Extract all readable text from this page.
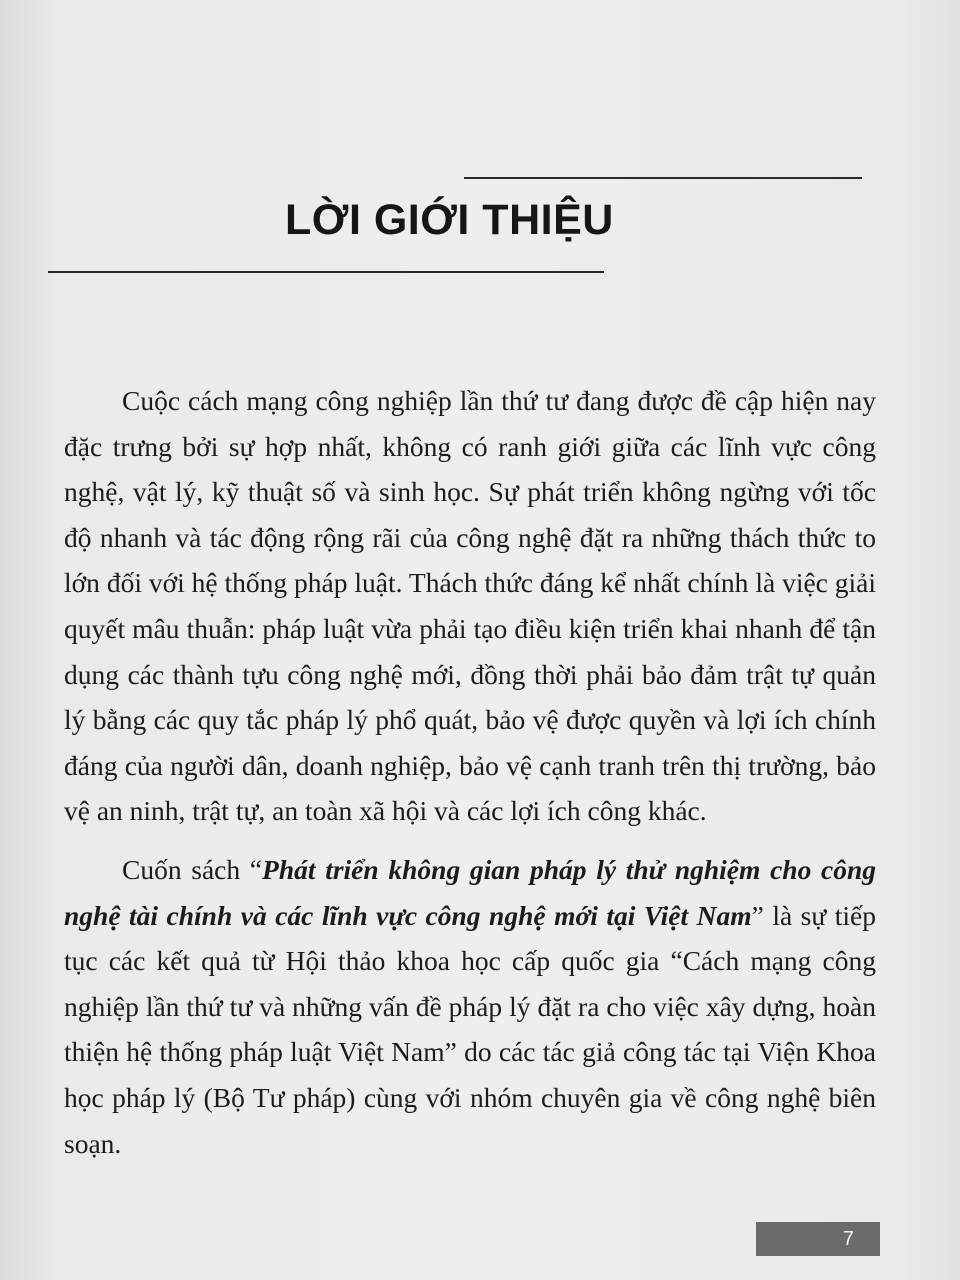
LỜI GIỚI THIỆU

Cuộc cách mạng công nghiệp lần thứ tư đang được đề cập hiện nay đặc trưng bởi sự hợp nhất, không có ranh giới giữa các lĩnh vực công nghệ, vật lý, kỹ thuật số và sinh học. Sự phát triển không ngừng với tốc độ nhanh và tác động rộng rãi của công nghệ đặt ra những thách thức to lớn đối với hệ thống pháp luật. Thách thức đáng kể nhất chính là việc giải quyết mâu thuẫn: pháp luật vừa phải tạo điều kiện triển khai nhanh để tận dụng các thành tựu công nghệ mới, đồng thời phải bảo đảm trật tự quản lý bằng các quy tắc pháp lý phổ quát, bảo vệ được quyền và lợi ích chính đáng của người dân, doanh nghiệp, bảo vệ cạnh tranh trên thị trường, bảo vệ an ninh, trật tự, an toàn xã hội và các lợi ích công khác.

Cuốn sách “Phát triển không gian pháp lý thử nghiệm cho công nghệ tài chính và các lĩnh vực công nghệ mới tại Việt Nam” là sự tiếp tục các kết quả từ Hội thảo khoa học cấp quốc gia “Cách mạng công nghiệp lần thứ tư và những vấn đề pháp lý đặt ra cho việc xây dựng, hoàn thiện hệ thống pháp luật Việt Nam” do các tác giả công tác tại Viện Khoa học pháp lý (Bộ Tư pháp) cùng với nhóm chuyên gia về công nghệ biên soạn.

7
